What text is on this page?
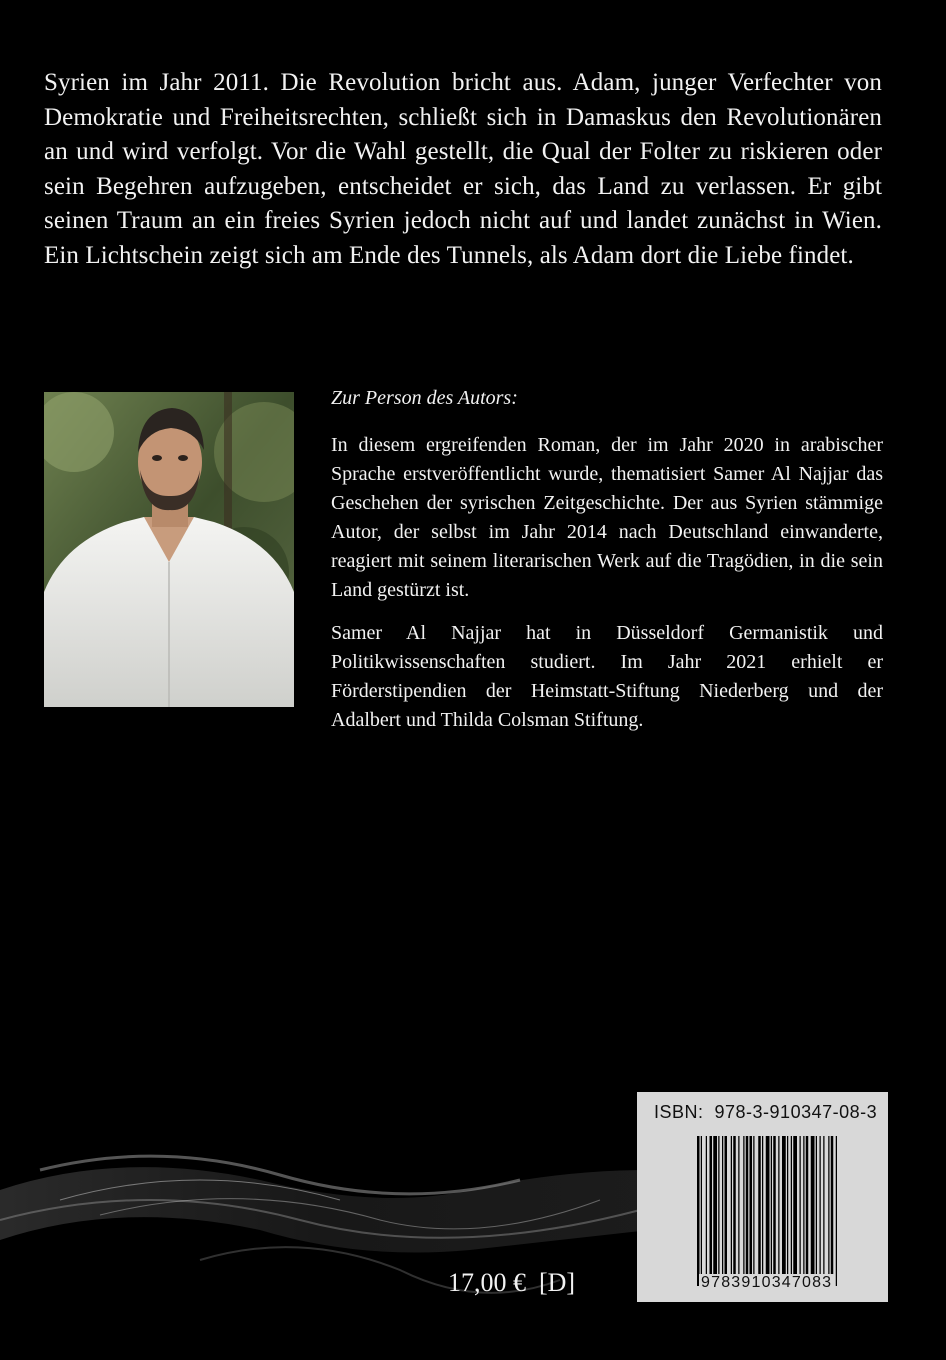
Syrien im Jahr 2011. Die Revolution bricht aus. Adam, junger Verfechter von Demokratie und Freiheitsrechten, schließt sich in Damaskus den Revolutionären an und wird verfolgt. Vor die Wahl gestellt, die Qual der Folter zu riskieren oder sein Begehren aufzugeben, entscheidet er sich, das Land zu verlassen. Er gibt seinen Traum an ein freies Syrien jedoch nicht auf und landet zunächst in Wien. Ein Lichtschein zeigt sich am Ende des Tunnels, als Adam dort die Liebe findet.

Zur Person des Autors:

In diesem ergreifenden Roman, der im Jahr 2020 in arabischer Sprache erstveröffentlicht wurde, thematisiert Samer Al Najjar das Geschehen der syrischen Zeitgeschichte. Der aus Syrien stämmige Autor, der selbst im Jahr 2014 nach Deutschland einwanderte, reagiert mit seinem literarischen Werk auf die Tragödien, in die sein Land gestürzt ist.

Samer Al Najjar hat in Düsseldorf Germanistik und Politikwissenschaften studiert. Im Jahr 2021 erhielt er Förderstipendien der Heimstatt-Stiftung Niederberg und der Adalbert und Thilda Colsman Stiftung.

17,00 €  [D]
ISBN:  978-3-910347-08-3
9783910347083
